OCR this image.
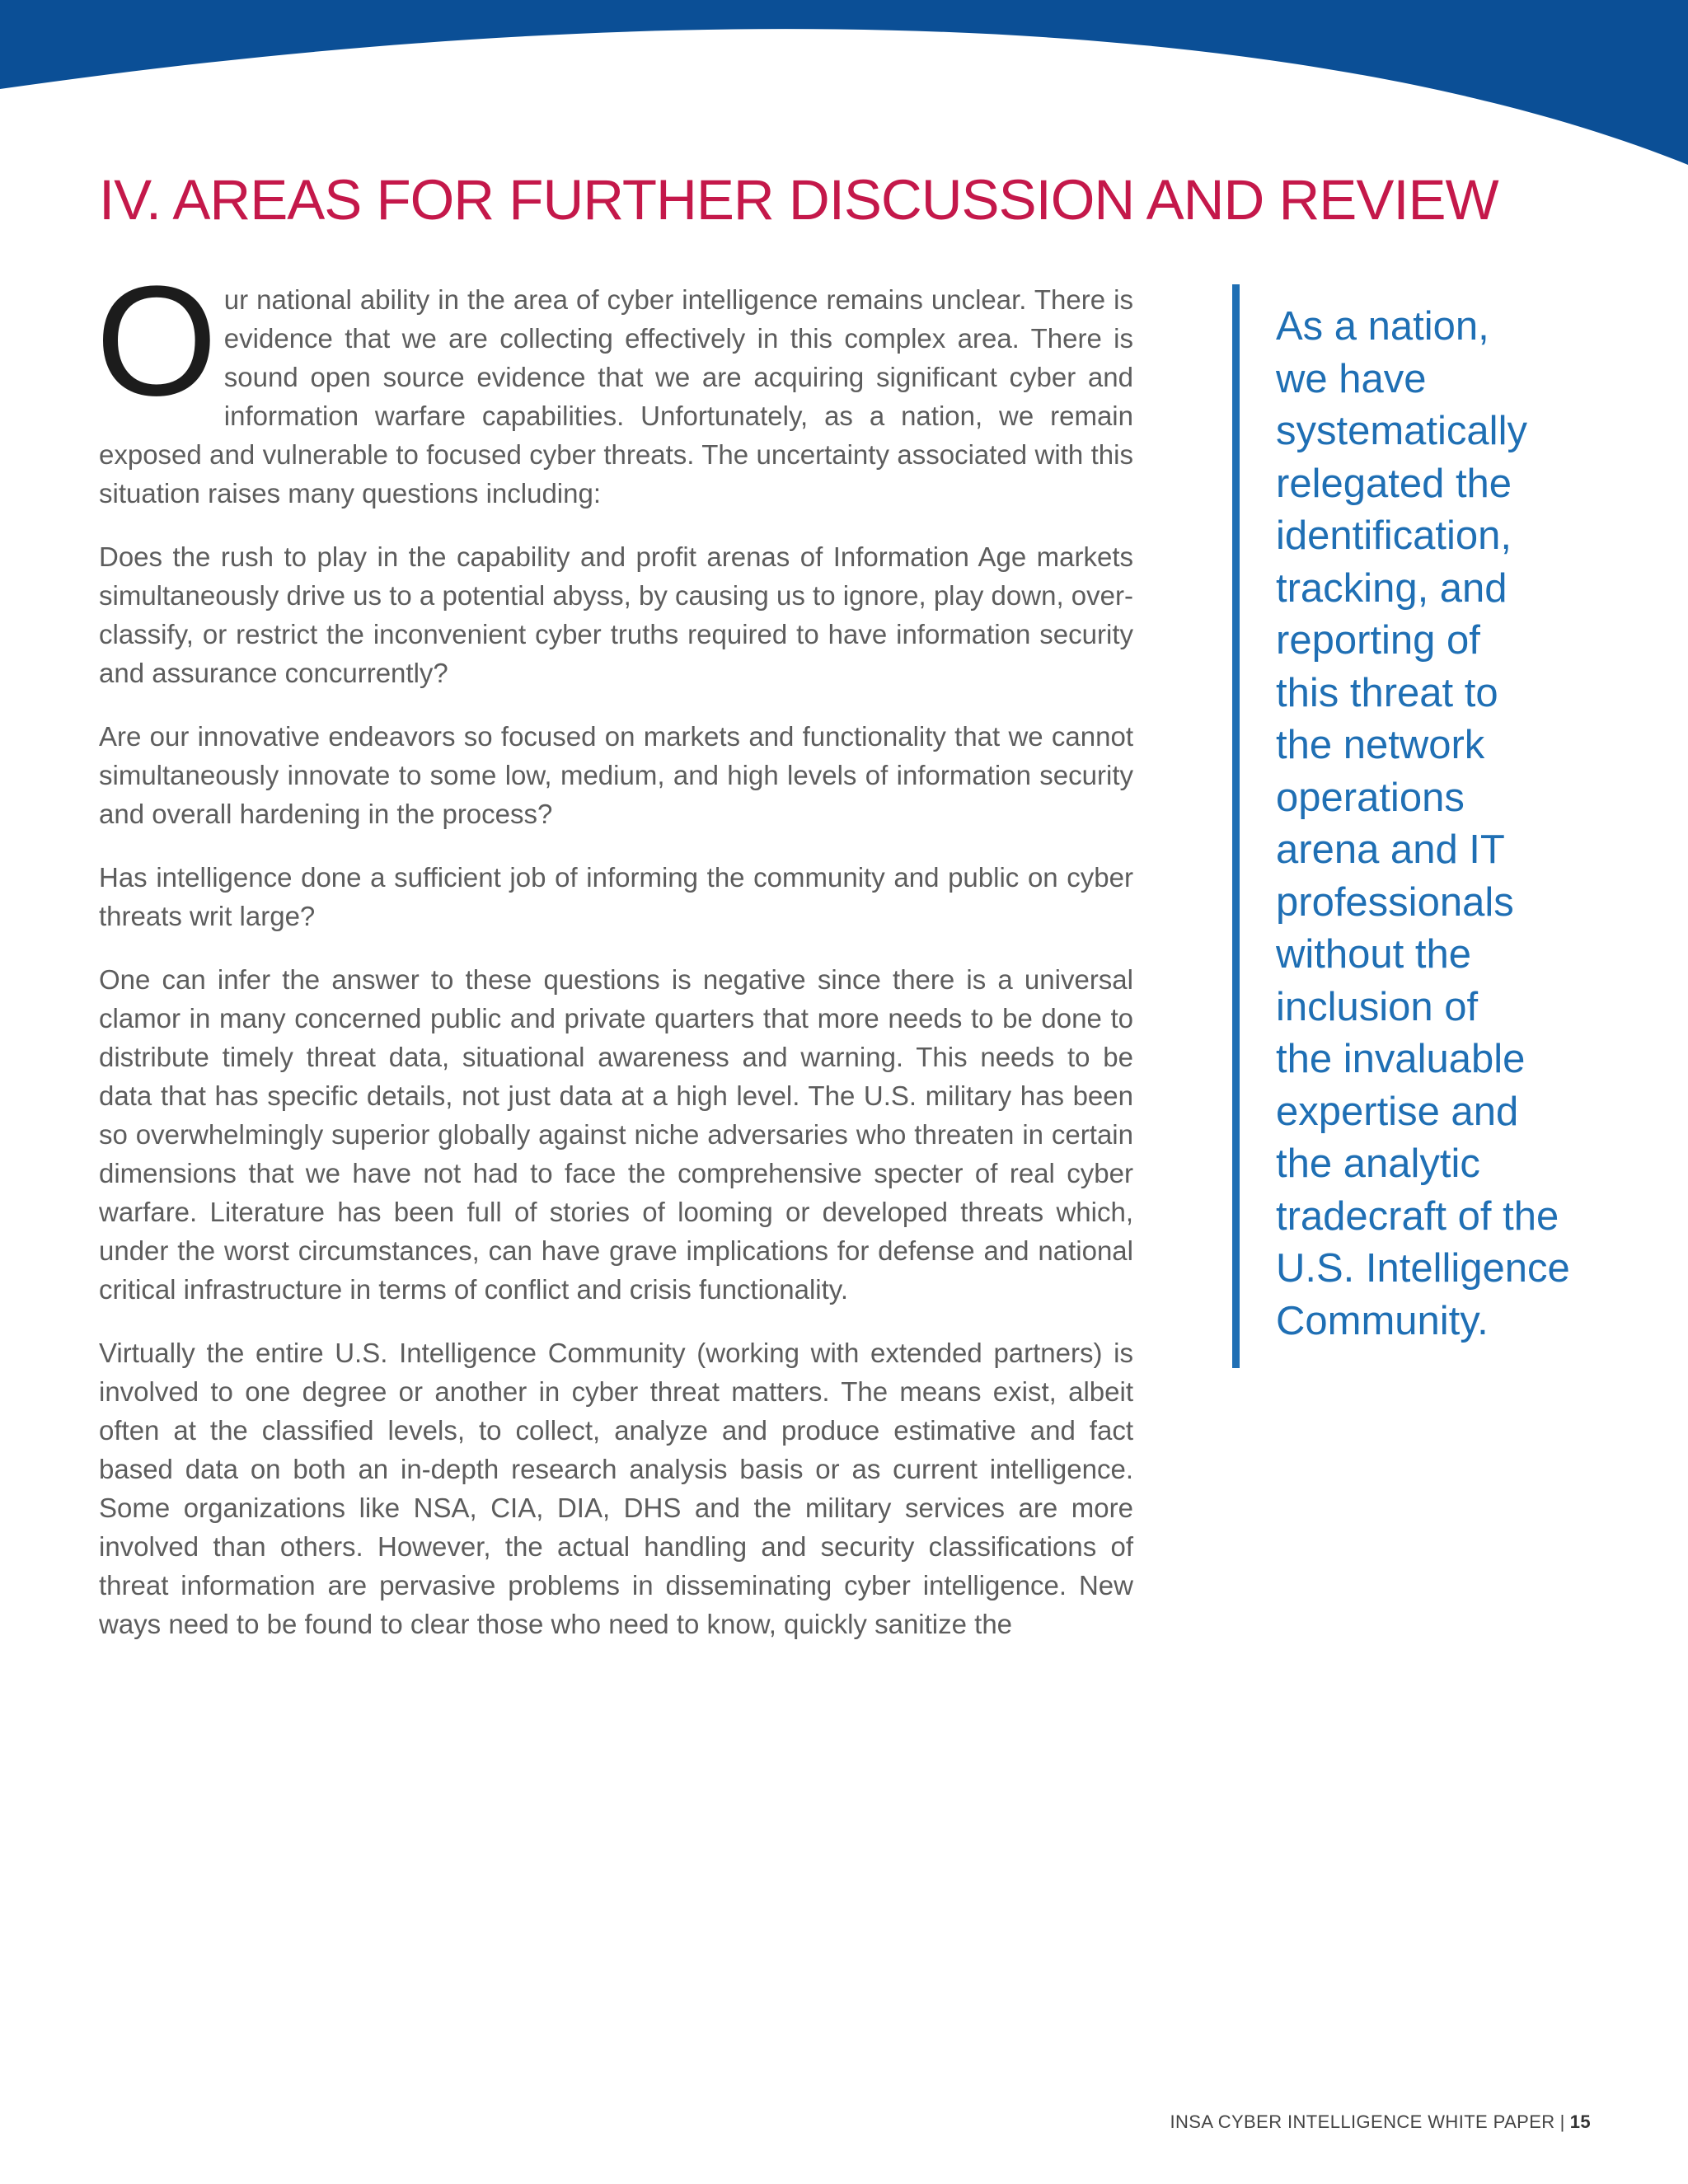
IV. AREAS FOR FURTHER DISCUSSION AND REVIEW

Our national ability in the area of cyber intelligence remains unclear. There is evidence that we are collecting effectively in this complex area. There is sound open source evidence that we are acquiring significant cyber and information warfare capabilities. Unfortunately, as a nation, we remain exposed and vulnerable to focused cyber threats. The uncertainty associated with this situation raises many questions including:

Does the rush to play in the capability and profit arenas of Information Age markets simultaneously drive us to a potential abyss, by causing us to ignore, play down, over-classify, or restrict the inconvenient cyber truths required to have information security and assurance concurrently?

Are our innovative endeavors so focused on markets and functionality that we cannot simultaneously innovate to some low, medium, and high levels of information security and overall hardening in the process?

Has intelligence done a sufficient job of informing the community and public on cyber threats writ large?

One can infer the answer to these questions is negative since there is a universal clamor in many concerned public and private quarters that more needs to be done to distribute timely threat data, situational awareness and warning. This needs to be data that has specific details, not just data at a high level. The U.S. military has been so overwhelmingly superior globally against niche adversaries who threaten in certain dimensions that we have not had to face the comprehensive specter of real cyber warfare. Literature has been full of stories of looming or developed threats which, under the worst circumstances, can have grave implications for defense and national critical infrastructure in terms of conflict and crisis functionality.

Virtually the entire U.S. Intelligence Community (working with extended partners) is involved to one degree or another in cyber threat matters. The means exist, albeit often at the classified levels, to collect, analyze and produce estimative and fact based data on both an in-depth research analysis basis or as current intelligence. Some organizations like NSA, CIA, DIA, DHS and the military services are more involved than others. However, the actual handling and security classifications of threat information are pervasive problems in disseminating cyber intelligence. New ways need to be found to clear those who need to know, quickly sanitize the

As a nation,
we have
systematically
relegated the
identification,
tracking, and
reporting of
this threat to
the network
operations
arena and IT
professionals
without the
inclusion of
the invaluable
expertise and
the analytic
tradecraft of the
U.S. Intelligence
Community.

INSA CYBER INTELLIGENCE WHITE PAPER | 15
